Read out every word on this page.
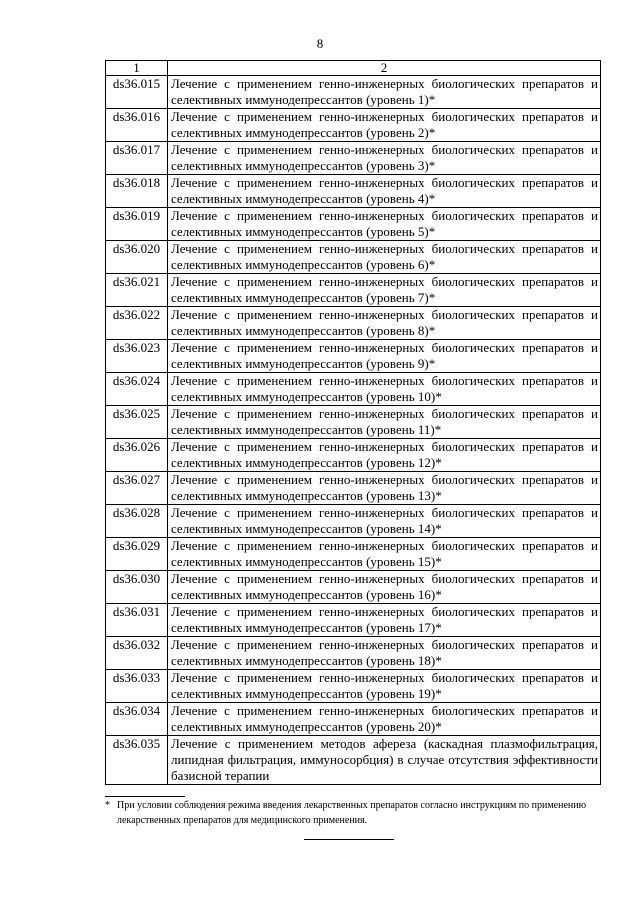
8
1	2
ds36.015	Лечение с применением генно-инженерных биологических препаратов и селективных иммунодепрессантов (уровень 1)*
ds36.016	Лечение с применением генно-инженерных биологических препаратов и селективных иммунодепрессантов (уровень 2)*
ds36.017	Лечение с применением генно-инженерных биологических препаратов и селективных иммунодепрессантов (уровень 3)*
ds36.018	Лечение с применением генно-инженерных биологических препаратов и селективных иммунодепрессантов (уровень 4)*
ds36.019	Лечение с применением генно-инженерных биологических препаратов и селективных иммунодепрессантов (уровень 5)*
ds36.020	Лечение с применением генно-инженерных биологических препаратов и селективных иммунодепрессантов (уровень 6)*
ds36.021	Лечение с применением генно-инженерных биологических препаратов и селективных иммунодепрессантов (уровень 7)*
ds36.022	Лечение с применением генно-инженерных биологических препаратов и селективных иммунодепрессантов (уровень 8)*
ds36.023	Лечение с применением генно-инженерных биологических препаратов и селективных иммунодепрессантов (уровень 9)*
ds36.024	Лечение с применением генно-инженерных биологических препаратов и селективных иммунодепрессантов (уровень 10)*
ds36.025	Лечение с применением генно-инженерных биологических препаратов и селективных иммунодепрессантов (уровень 11)*
ds36.026	Лечение с применением генно-инженерных биологических препаратов и селективных иммунодепрессантов (уровень 12)*
ds36.027	Лечение с применением генно-инженерных биологических препаратов и селективных иммунодепрессантов (уровень 13)*
ds36.028	Лечение с применением генно-инженерных биологических препаратов и селективных иммунодепрессантов (уровень 14)*
ds36.029	Лечение с применением генно-инженерных биологических препаратов и селективных иммунодепрессантов (уровень 15)*
ds36.030	Лечение с применением генно-инженерных биологических препаратов и селективных иммунодепрессантов (уровень 16)*
ds36.031	Лечение с применением генно-инженерных биологических препаратов и селективных иммунодепрессантов (уровень 17)*
ds36.032	Лечение с применением генно-инженерных биологических препаратов и селективных иммунодепрессантов (уровень 18)*
ds36.033	Лечение с применением генно-инженерных биологических препаратов и селективных иммунодепрессантов (уровень 19)*
ds36.034	Лечение с применением генно-инженерных биологических препаратов и селективных иммунодепрессантов (уровень 20)*
ds36.035	Лечение с применением методов афереза (каскадная плазмофильтрация, липидная фильтрация, иммуносорбция) в случае отсутствия эффективности базисной терапии
* При условии соблюдения режима введения лекарственных препаратов согласно инструкциям по применению лекарственных препаратов для медицинского применения.
